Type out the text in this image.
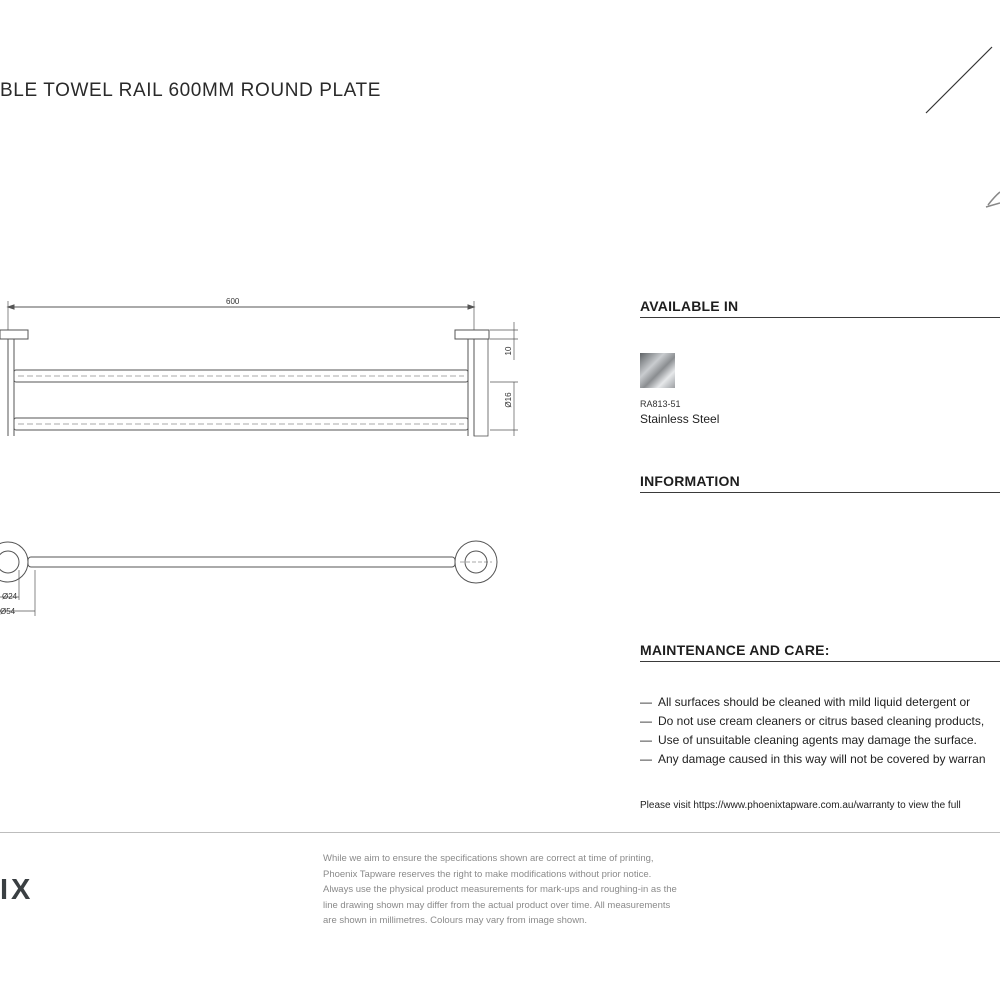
BLE TOWEL RAIL 600MM ROUND PLATE
600
10
Ø16
Ø24
Ø54
AVAILABLE IN
RA813-51
Stainless Steel
INFORMATION
MAINTENANCE AND CARE:
— All surfaces should be cleaned with mild liquid detergent or
— Do not use cream cleaners or citrus based cleaning products,
— Use of unsuitable cleaning agents may damage the surface.
— Any damage caused in this way will not be covered by warran
Please visit https://www.phoenixtapware.com.au/warranty to view the full
IX
While we aim to ensure the specifications shown are correct at time of printing,
Phoenix Tapware reserves the right to make modifications without prior notice.
Always use the physical product measurements for mark-ups and roughing-in as the
line drawing shown may differ from the actual product over time. All measurements
are shown in millimetres. Colours may vary from image shown.
